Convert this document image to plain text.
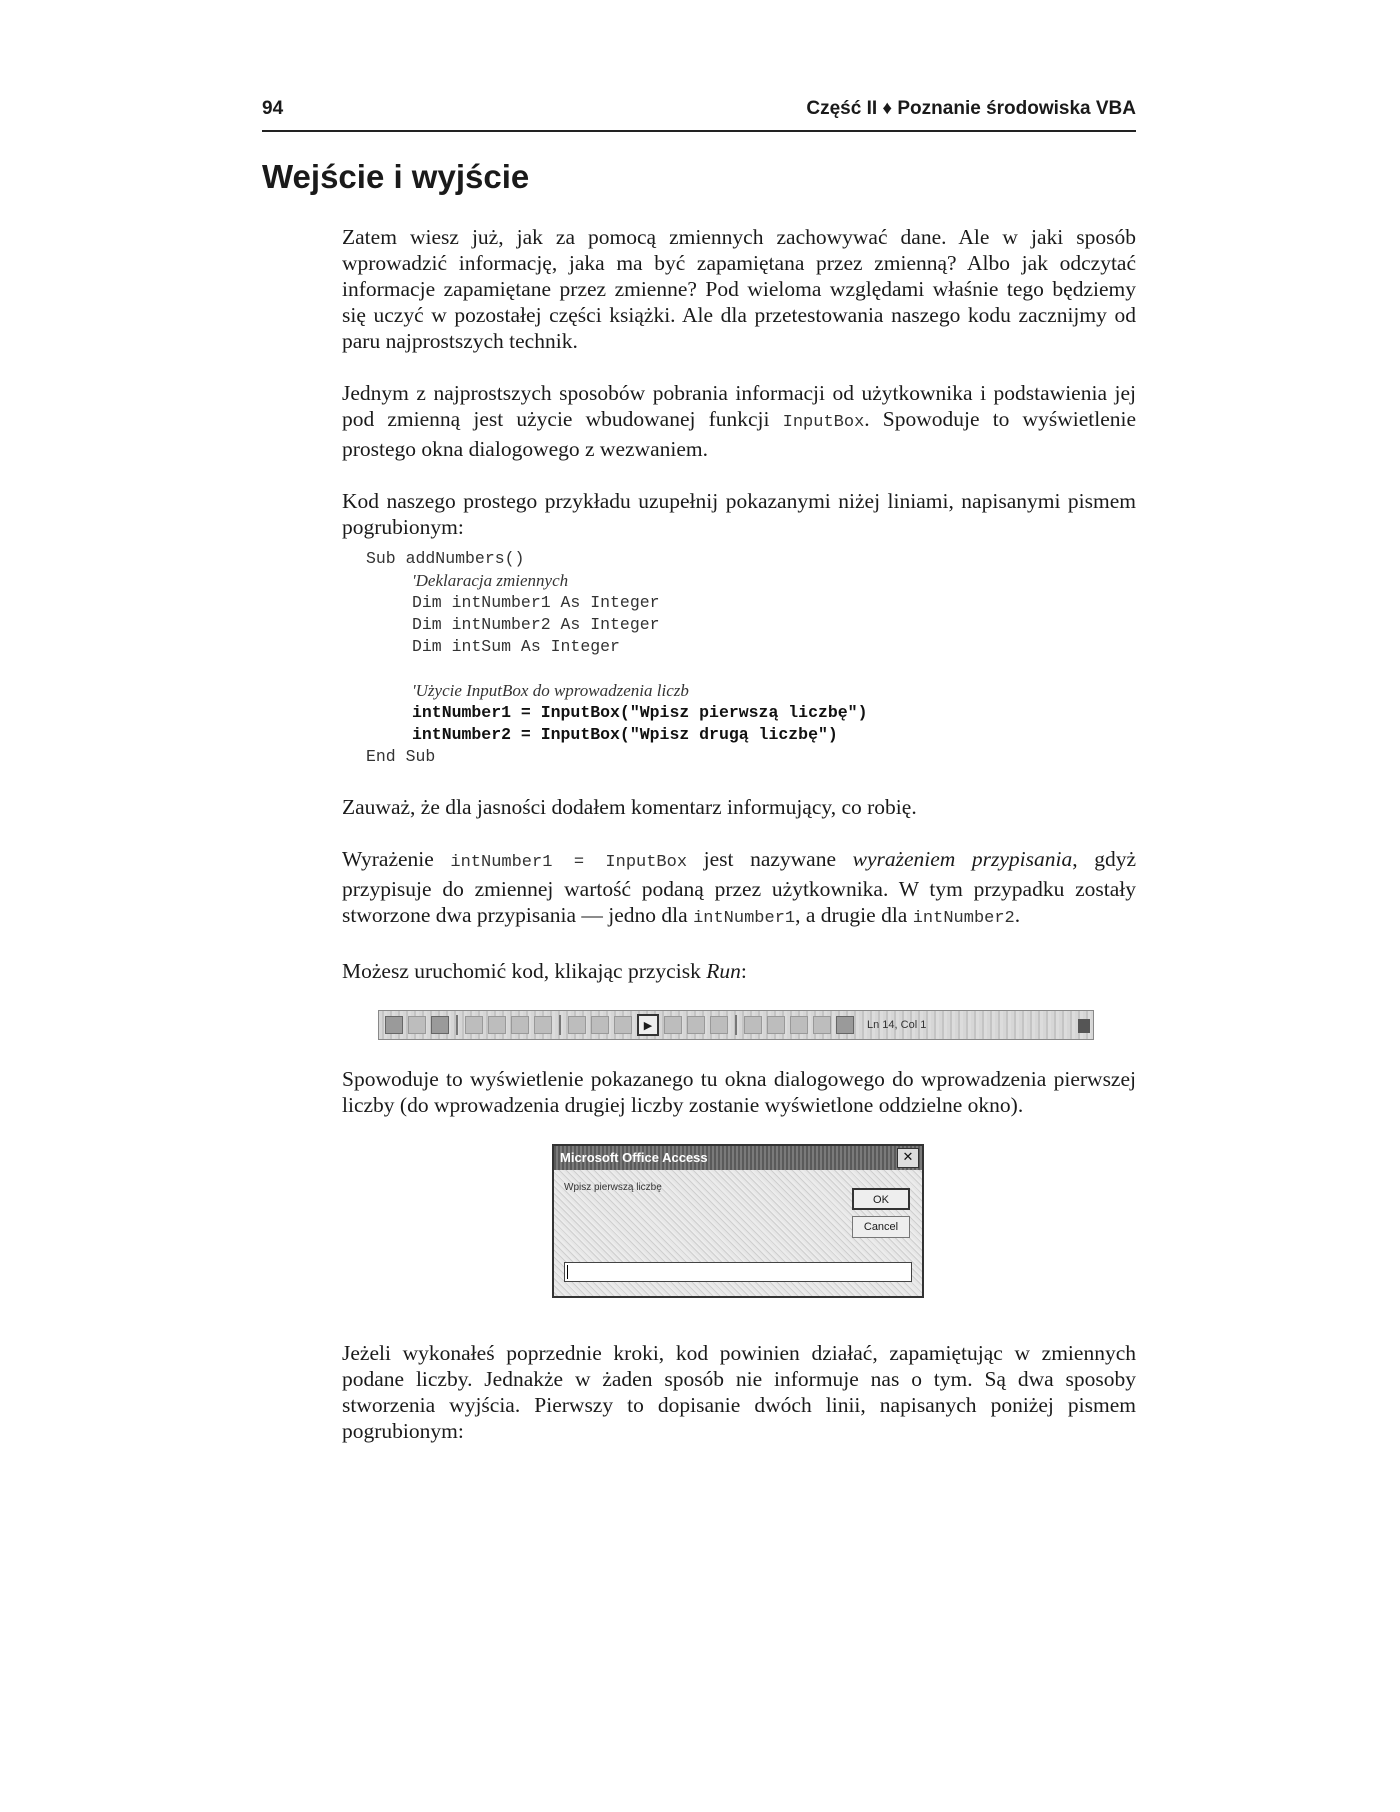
94	Część II ♦ Poznanie środowiska VBA
Wejście i wyjście

Zatem wiesz już, jak za pomocą zmiennych zachowywać dane. Ale w jaki sposób wprowadzić informację, jaka ma być zapamiętana przez zmienną? Albo jak odczytać informacje zapamiętane przez zmienne? Pod wieloma względami właśnie tego będziemy się uczyć w pozostałej części książki. Ale dla przetestowania naszego kodu zacznijmy od paru najprostszych technik.

Jednym z najprostszych sposobów pobrania informacji od użytkownika i podstawienia jej pod zmienną jest użycie wbudowanej funkcji InputBox. Spowoduje to wyświetlenie prostego okna dialogowego z wezwaniem.

Kod naszego prostego przykładu uzupełnij pokazanymi niżej liniami, napisanymi pismem pogrubionym:

Sub addNumbers()
'Deklaracja zmiennych
Dim intNumber1 As Integer
Dim intNumber2 As Integer
Dim intSum As Integer
'Użycie InputBox do wprowadzenia liczb
intNumber1 = InputBox("Wpisz pierwszą liczbę")
intNumber2 = InputBox("Wpisz drugą liczbę")
End Sub

Zauważ, że dla jasności dodałem komentarz informujący, co robię.

Wyrażenie intNumber1 = InputBox jest nazywane wyrażeniem przypisania, gdyż przypisuje do zmiennej wartość podaną przez użytkownika. W tym przypadku zostały stworzone dwa przypisania — jedno dla intNumber1, a drugie dla intNumber2.

Możesz uruchomić kod, klikając przycisk Run:

▶	Ln 14, Col 1

Spowoduje to wyświetlenie pokazanego tu okna dialogowego do wprowadzenia pierwszej liczby (do wprowadzenia drugiej liczby zostanie wyświetlone oddzielne okno).

Microsoft Office Access	✕
Wpisz pierwszą liczbę
OK
Cancel

Jeżeli wykonałeś poprzednie kroki, kod powinien działać, zapamiętując w zmiennych podane liczby. Jednakże w żaden sposób nie informuje nas o tym. Są dwa sposoby stworzenia wyjścia. Pierwszy to dopisanie dwóch linii, napisanych poniżej pismem pogrubionym:
